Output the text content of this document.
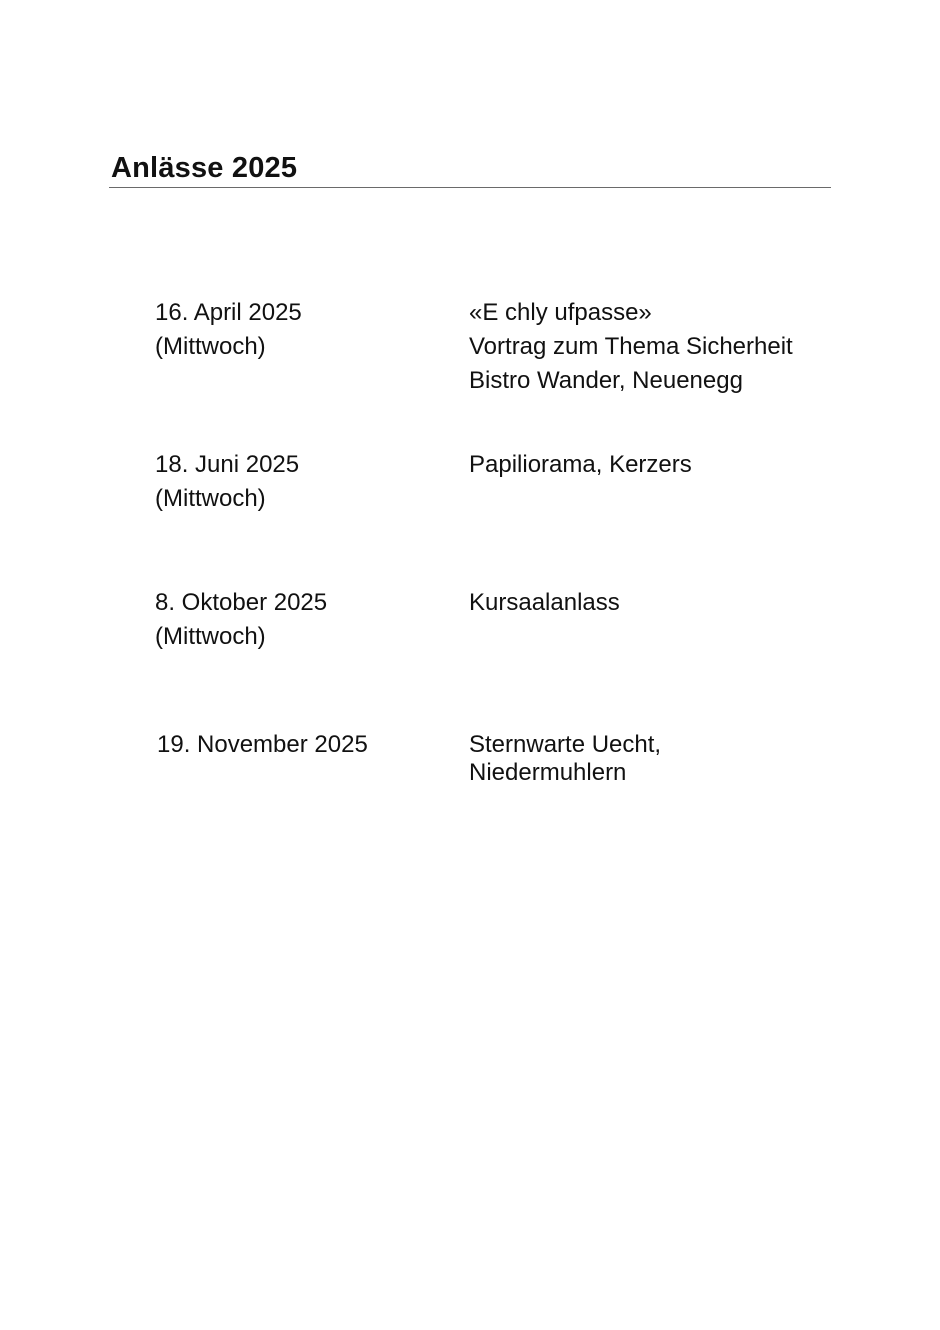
Anlässe 2025
16. April 2025
(Mittwoch)
«E chly ufpasse»
Vortrag zum Thema Sicherheit
Bistro Wander, Neuenegg
18. Juni 2025
(Mittwoch)
Papiliorama, Kerzers
8. Oktober 2025
(Mittwoch)
Kursaalanlass
19. November 2025	Sternwarte Uecht,
Niedermuhlern
